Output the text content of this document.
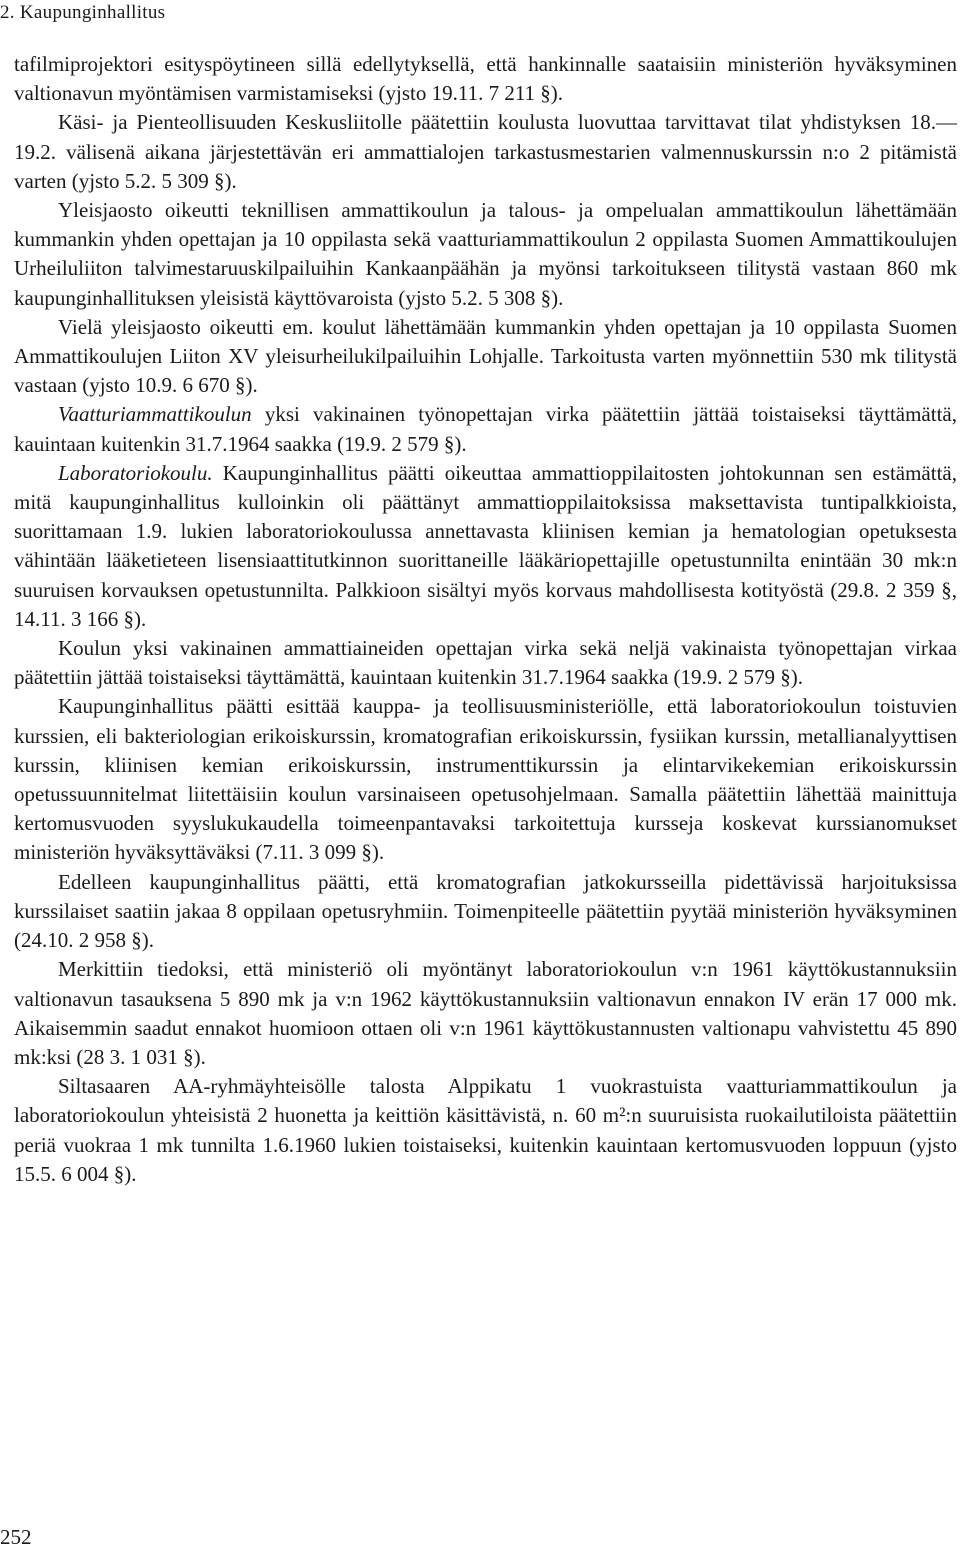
2. Kaupunginhallitus

tafilmiprojektori esityspöytineen sillä edellytyksellä, että hankinnalle saataisiin ministeriön hyväksyminen valtionavun myöntämisen varmistamiseksi (yjsto 19.11. 7 211 §).

Käsi- ja Pienteollisuuden Keskusliitolle päätettiin koulusta luovuttaa tarvittavat tilat yhdistyksen 18.—19.2. välisenä aikana järjestettävän eri ammattialojen tarkastusmestarien valmennuskurssin n:o 2 pitämistä varten (yjsto 5.2. 5 309 §).

Yleisjaosto oikeutti teknillisen ammattikoulun ja talous- ja ompelualan ammattikoulun lähettämään kummankin yhden opettajan ja 10 oppilasta sekä vaatturiammattikoulun 2 oppilasta Suomen Ammattikoulujen Urheiluliiton talvimestaruuskilpailuihin Kankaanpäähän ja myönsi tarkoitukseen tilitystä vastaan 860 mk kaupunginhallituksen yleisistä käyttövaroista (yjsto 5.2. 5 308 §).

Vielä yleisjaosto oikeutti em. koulut lähettämään kummankin yhden opettajan ja 10 oppilasta Suomen Ammattikoulujen Liiton XV yleisurheilukilpailuihin Lohjalle. Tarkoitusta varten myönnettiin 530 mk tilitystä vastaan (yjsto 10.9. 6 670 §).

Vaatturiammattikoulun yksi vakinainen työnopettajan virka päätettiin jättää toistaiseksi täyttämättä, kauintaan kuitenkin 31.7.1964 saakka (19.9. 2 579 §).

Laboratoriokoulu. Kaupunginhallitus päätti oikeuttaa ammattioppilaitosten johtokunnan sen estämättä, mitä kaupunginhallitus kulloinkin oli päättänyt ammattioppilaitoksissa maksettavista tuntipalkkioista, suorittamaan 1.9. lukien laboratoriokoulussa annettavasta kliinisen kemian ja hematologian opetuksesta vähintään lääketieteen lisensiaattitutkinnon suorittaneille lääkäriopettajille opetustunnilta enintään 30 mk:n suuruisen korvauksen opetustunnilta. Palkkioon sisältyi myös korvaus mahdollisesta kotityöstä (29.8. 2 359 §, 14.11. 3 166 §).

Koulun yksi vakinainen ammattiaineiden opettajan virka sekä neljä vakinaista työnopettajan virkaa päätettiin jättää toistaiseksi täyttämättä, kauintaan kuitenkin 31.7.1964 saakka (19.9. 2 579 §).

Kaupunginhallitus päätti esittää kauppa- ja teollisuusministeriölle, että laboratoriokoulun toistuvien kurssien, eli bakteriologian erikoiskurssin, kromatografian erikoiskurssin, fysiikan kurssin, metallianalyyttisen kurssin, kliinisen kemian erikoiskurssin, instrumenttikurssin ja elintarvikekemian erikoiskurssin opetussuunnitelmat liitettäisiin koulun varsinaiseen opetusohjelmaan. Samalla päätettiin lähettää mainittuja kertomusvuoden syyslukukaudella toimeenpantavaksi tarkoitettuja kursseja koskevat kurssianomukset ministeriön hyväksyttäväksi (7.11. 3 099 §).

Edelleen kaupunginhallitus päätti, että kromatografian jatkokursseilla pidettävissä harjoituksissa kurssilaiset saatiin jakaa 8 oppilaan opetusryhmiin. Toimenpiteelle päätettiin pyytää ministeriön hyväksyminen (24.10. 2 958 §).

Merkittiin tiedoksi, että ministeriö oli myöntänyt laboratoriokoulun v:n 1961 käyttökustannuksiin valtionavun tasauksena 5 890 mk ja v:n 1962 käyttökustannuksiin valtionavun ennakon IV erän 17 000 mk. Aikaisemmin saadut ennakot huomioon ottaen oli v:n 1961 käyttökustannusten valtionapu vahvistettu 45 890 mk:ksi (28 3. 1 031 §).

Siltasaaren AA-ryhmäyhteisölle talosta Alppikatu 1 vuokrastuista vaatturiammattikoulun ja laboratoriokoulun yhteisistä 2 huonetta ja keittiön käsittävistä, n. 60 m²:n suuruisista ruokailutiloista päätettiin periä vuokraa 1 mk tunnilta 1.6.1960 lukien toistaiseksi, kuitenkin kauintaan kertomusvuoden loppuun (yjsto 15.5. 6 004 §).

252
